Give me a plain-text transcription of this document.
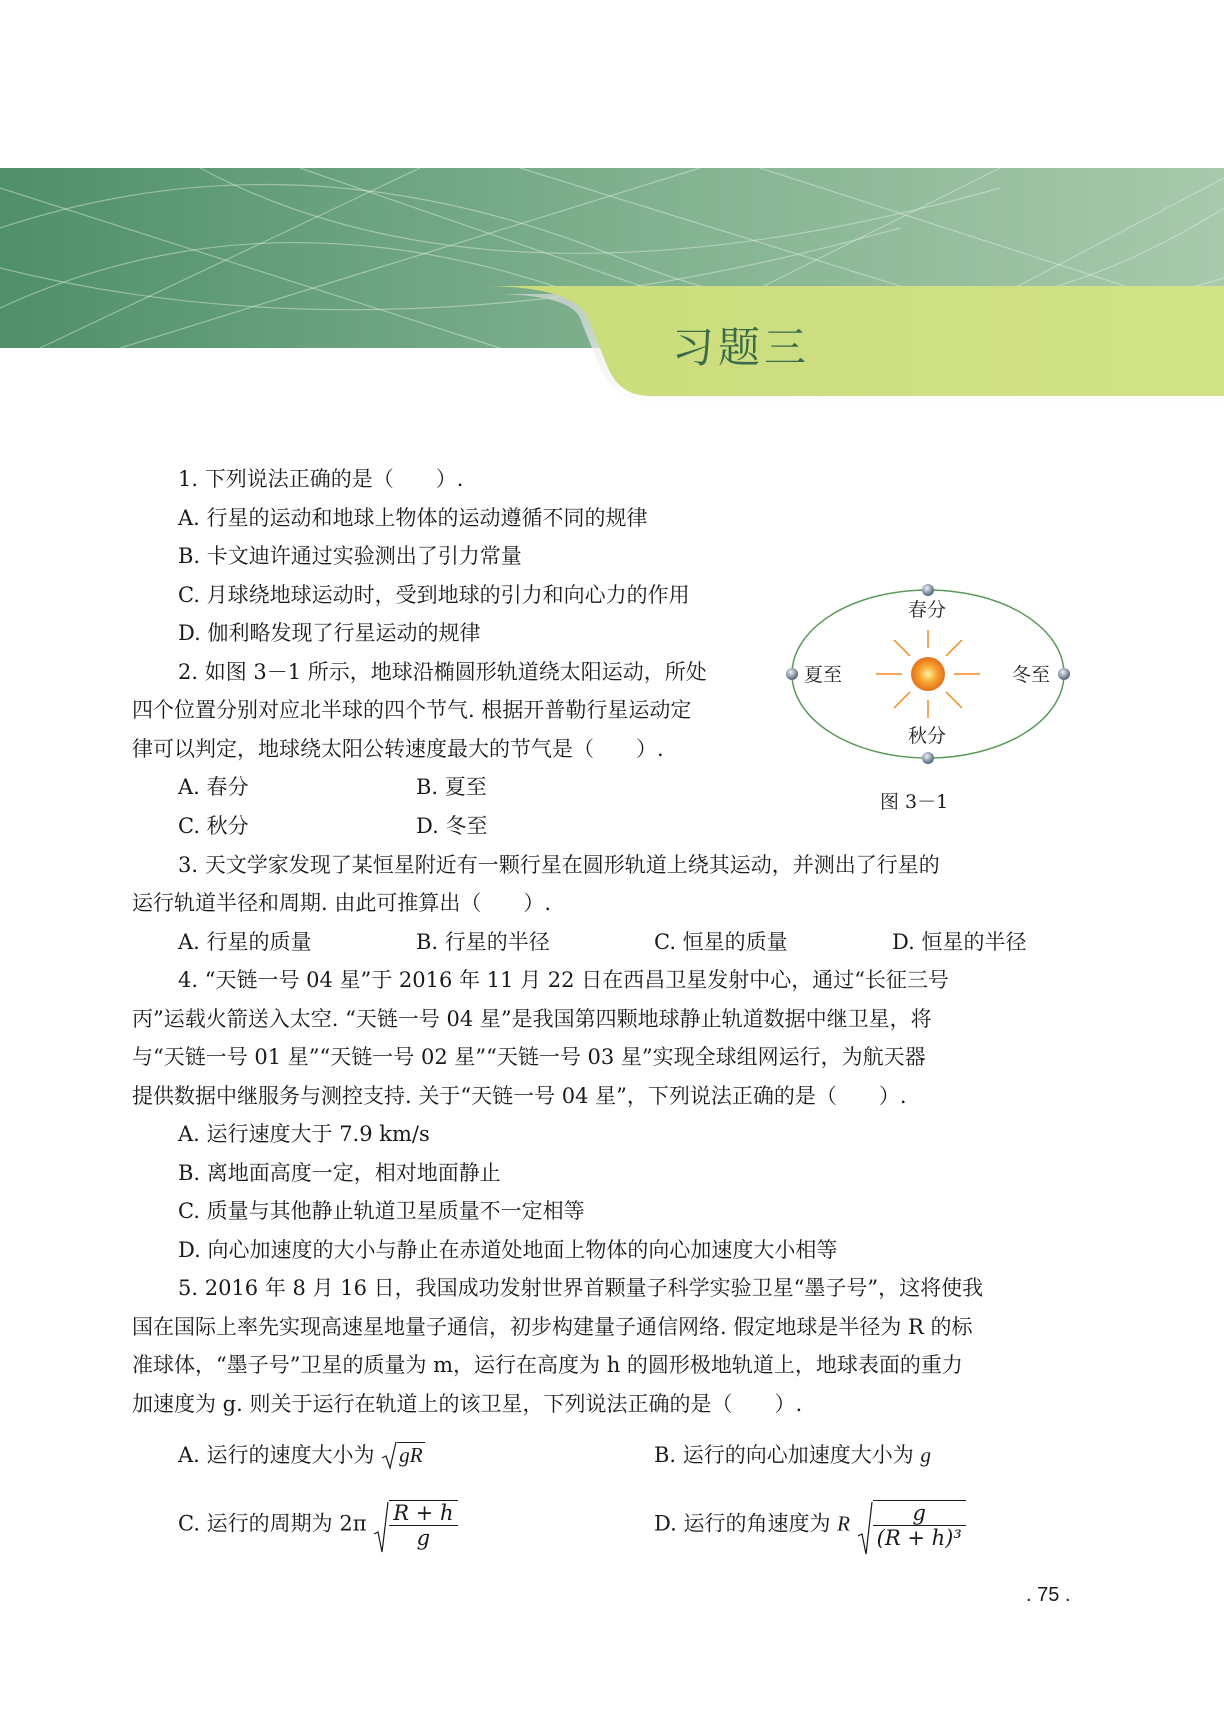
习题三
1. 下列说法正确的是（　　）.
A. 行星的运动和地球上物体的运动遵循不同的规律
B. 卡文迪许通过实验测出了引力常量
C. 月球绕地球运动时，受到地球的引力和向心力的作用
D. 伽利略发现了行星运动的规律
2. 如图 3－1 所示，地球沿椭圆形轨道绕太阳运动，所处
四个位置分别对应北半球的四个节气. 根据开普勒行星运动定
律可以判定，地球绕太阳公转速度最大的节气是（　　）.
A. 春分	B. 夏至
C. 秋分	D. 冬至
春分
夏至
秋分
冬至
图 3－1
3. 天文学家发现了某恒星附近有一颗行星在圆形轨道上绕其运动，并测出了行星的
运行轨道半径和周期. 由此可推算出（　　）.
A. 行星的质量	B. 行星的半径	C. 恒星的质量	D. 恒星的半径
4. “天链一号 04 星”于 2016 年 11 月 22 日在西昌卫星发射中心，通过“长征三号
丙”运载火箭送入太空. “天链一号 04 星”是我国第四颗地球静止轨道数据中继卫星，将
与“天链一号 01 星”“天链一号 02 星”“天链一号 03 星”实现全球组网运行，为航天器
提供数据中继服务与测控支持. 关于“天链一号 04 星”，下列说法正确的是（　　）.
A. 运行速度大于 7.9 km/s
B. 离地面高度一定，相对地面静止
C. 质量与其他静止轨道卫星质量不一定相等
D. 向心加速度的大小与静止在赤道处地面上物体的向心加速度大小相等
5. 2016 年 8 月 16 日，我国成功发射世界首颗量子科学实验卫星“墨子号”，这将使我
国在国际上率先实现高速星地量子通信，初步构建量子通信网络. 假定地球是半径为 R 的标
准球体，“墨子号”卫星的质量为 m，运行在高度为 h 的圆形极地轨道上，地球表面的重力
加速度为 g. 则关于运行在轨道上的该卫星，下列说法正确的是（　　）.
A. 运行的速度大小为 gR	B. 运行的向心加速度大小为 g
C. 运行的周期为 $2\pi \frac{R + h}{g}$	D. 运行的角速度为 R $\frac{g}{\text{(R + h)³}}$
. 75 .
